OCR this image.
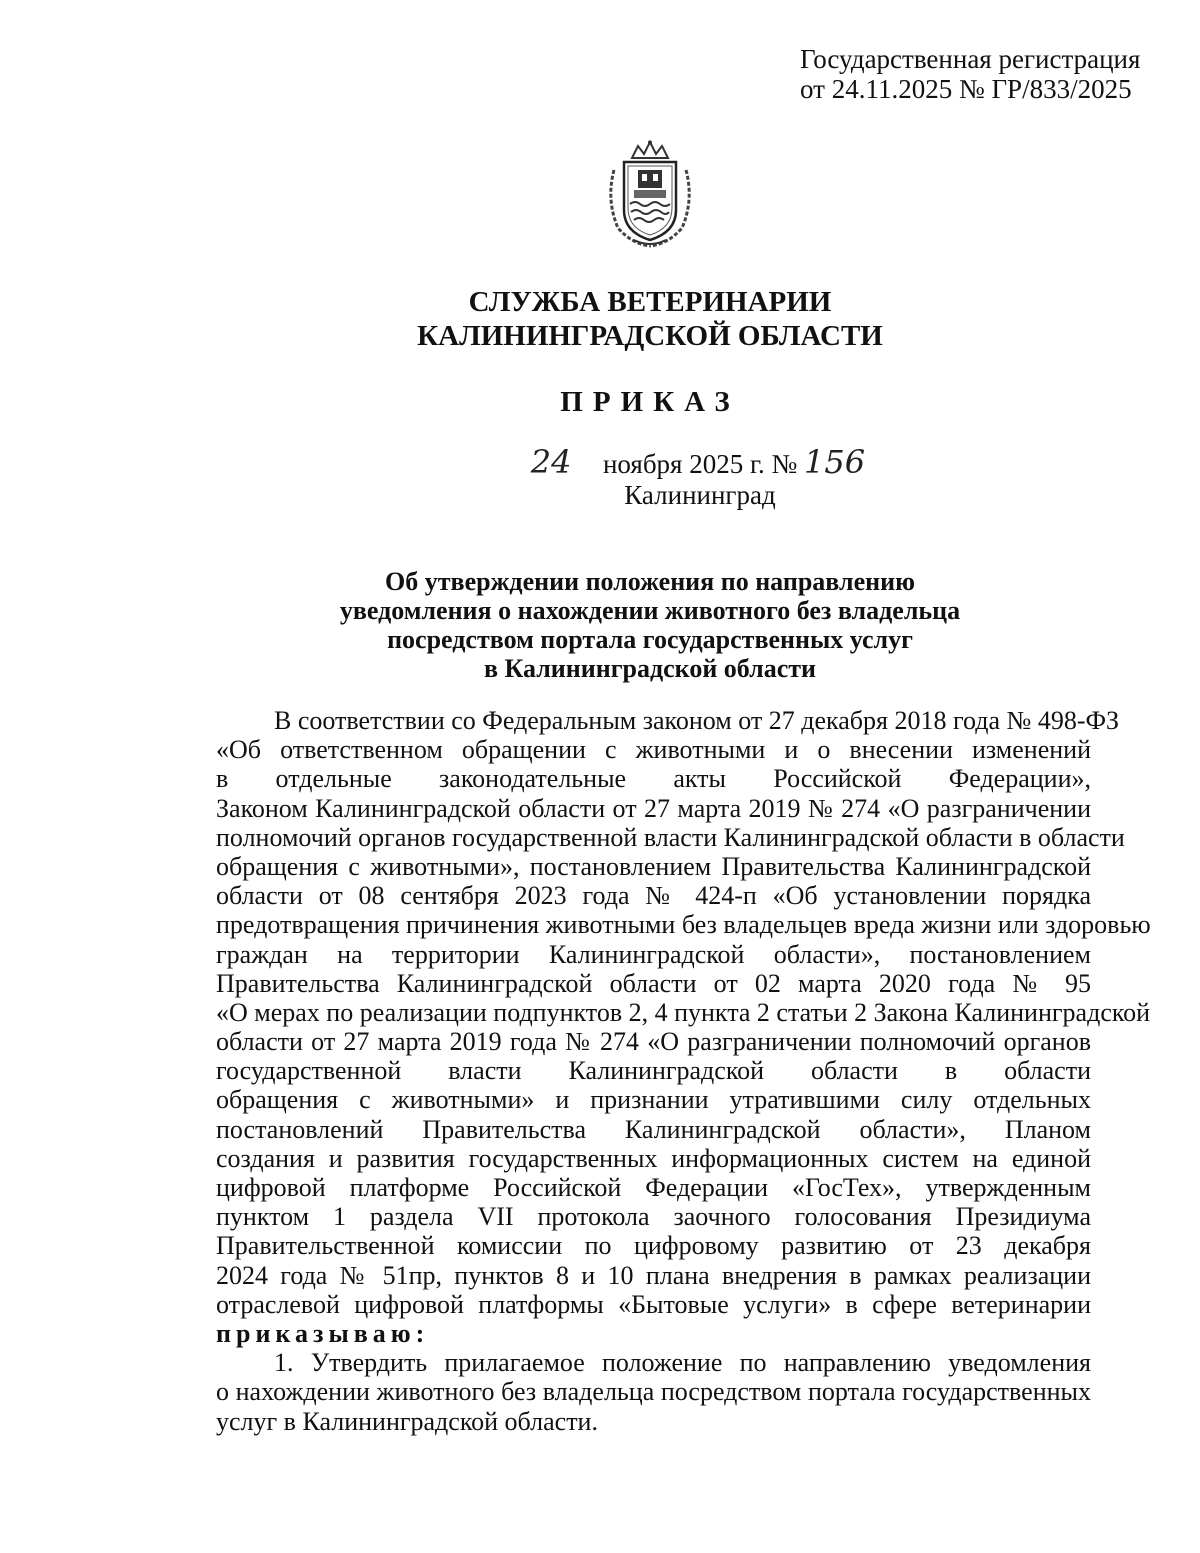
Государственная регистрация
от 24.11.2025 № ГР/833/2025
СЛУЖБА ВЕТЕРИНАРИИ
КАЛИНИНГРАДСКОЙ ОБЛАСТИ
ПРИКАЗ
24 ноября 2025 г. № 156
Калининград
Об утверждении положения по направлению
уведомления о нахождении животного без владельца
посредством портала государственных услуг
в Калининградской области
В соответствии со Федеральным законом от 27 декабря 2018 года № 498-ФЗ
«Об ответственном обращении с животными и о внесении изменений
в отдельные законодательные акты Российской Федерации»,
Законом Калининградской области от 27 марта 2019 № 274 «О разграничении
полномочий органов государственной власти Калининградской области в области
обращения с животными», постановлением Правительства Калининградской
области от 08 сентября 2023 года № 424-п «Об установлении порядка
предотвращения причинения животными без владельцев вреда жизни или здоровью
граждан на территории Калининградской области», постановлением
Правительства Калининградской области от 02 марта 2020 года № 95
«О мерах по реализации подпунктов 2, 4 пункта 2 статьи 2 Закона Калининградской
области от 27 марта 2019 года № 274 «О разграничении полномочий органов
государственной власти Калининградской области в области
обращения с животными» и признании утратившими силу отдельных
постановлений Правительства Калининградской области», Планом
создания и развития государственных информационных систем на единой
цифровой платформе Российской Федерации «ГосТех», утвержденным
пунктом 1 раздела VII протокола заочного голосования Президиума
Правительственной комиссии по цифровому развитию от 23 декабря
2024 года № 51пр, пунктов 8 и 10 плана внедрения в рамках реализации
отраслевой цифровой платформы «Бытовые услуги» в сфере ветеринарии
приказываю:
1. Утвердить прилагаемое положение по направлению уведомления
о нахождении животного без владельца посредством портала государственных
услуг в Калининградской области.
